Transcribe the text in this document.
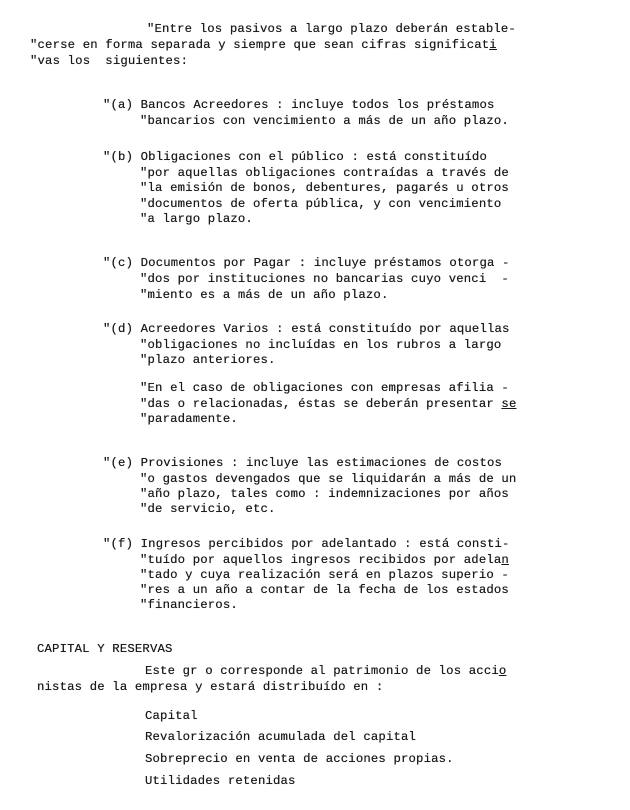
"Entre los pasivos a largo plazo deberán estable-
"cerse en forma separada y siempre que sean cifras significati
"vas los  siguientes:
"(a) Bancos Acreedores : incluye todos los préstamos
"bancarios con vencimiento a más de un año plazo.
"(b) Obligaciones con el público : está constituído
"por aquellas obligaciones contraídas a través de
"la emisión de bonos, debentures, pagarés u otros
"documentos de oferta pública, y con vencimiento
"a largo plazo.
"(c) Documentos por Pagar : incluye préstamos otorga -
"dos por instituciones no bancarias cuyo venci  -
"miento es a más de un año plazo.
"(d) Acreedores Varios : está constituído por aquellas
"obligaciones no incluídas en los rubros a largo
"plazo anteriores.
"En el caso de obligaciones con empresas afilia -
"das o relacionadas, éstas se deberán presentar se
"paradamente.
"(e) Provisiones : incluye las estimaciones de costos
"o gastos devengados que se liquidarán a más de un
"año plazo, tales como : indemnizaciones por años
"de servicio, etc.
"(f) Ingresos percibidos por adelantado : está consti-
"tuído por aquellos ingresos recibidos por adelan
"tado y cuya realización será en plazos superio -
"res a un año a contar de la fecha de los estados
"financieros.
CAPITAL Y RESERVAS
Este gr o corresponde al patrimonio de los accio
nistas de la empresa y estará distribuído en :
Capital
Revalorización acumulada del capital
Sobreprecio en venta de acciones propias.
Utilidades retenidas
